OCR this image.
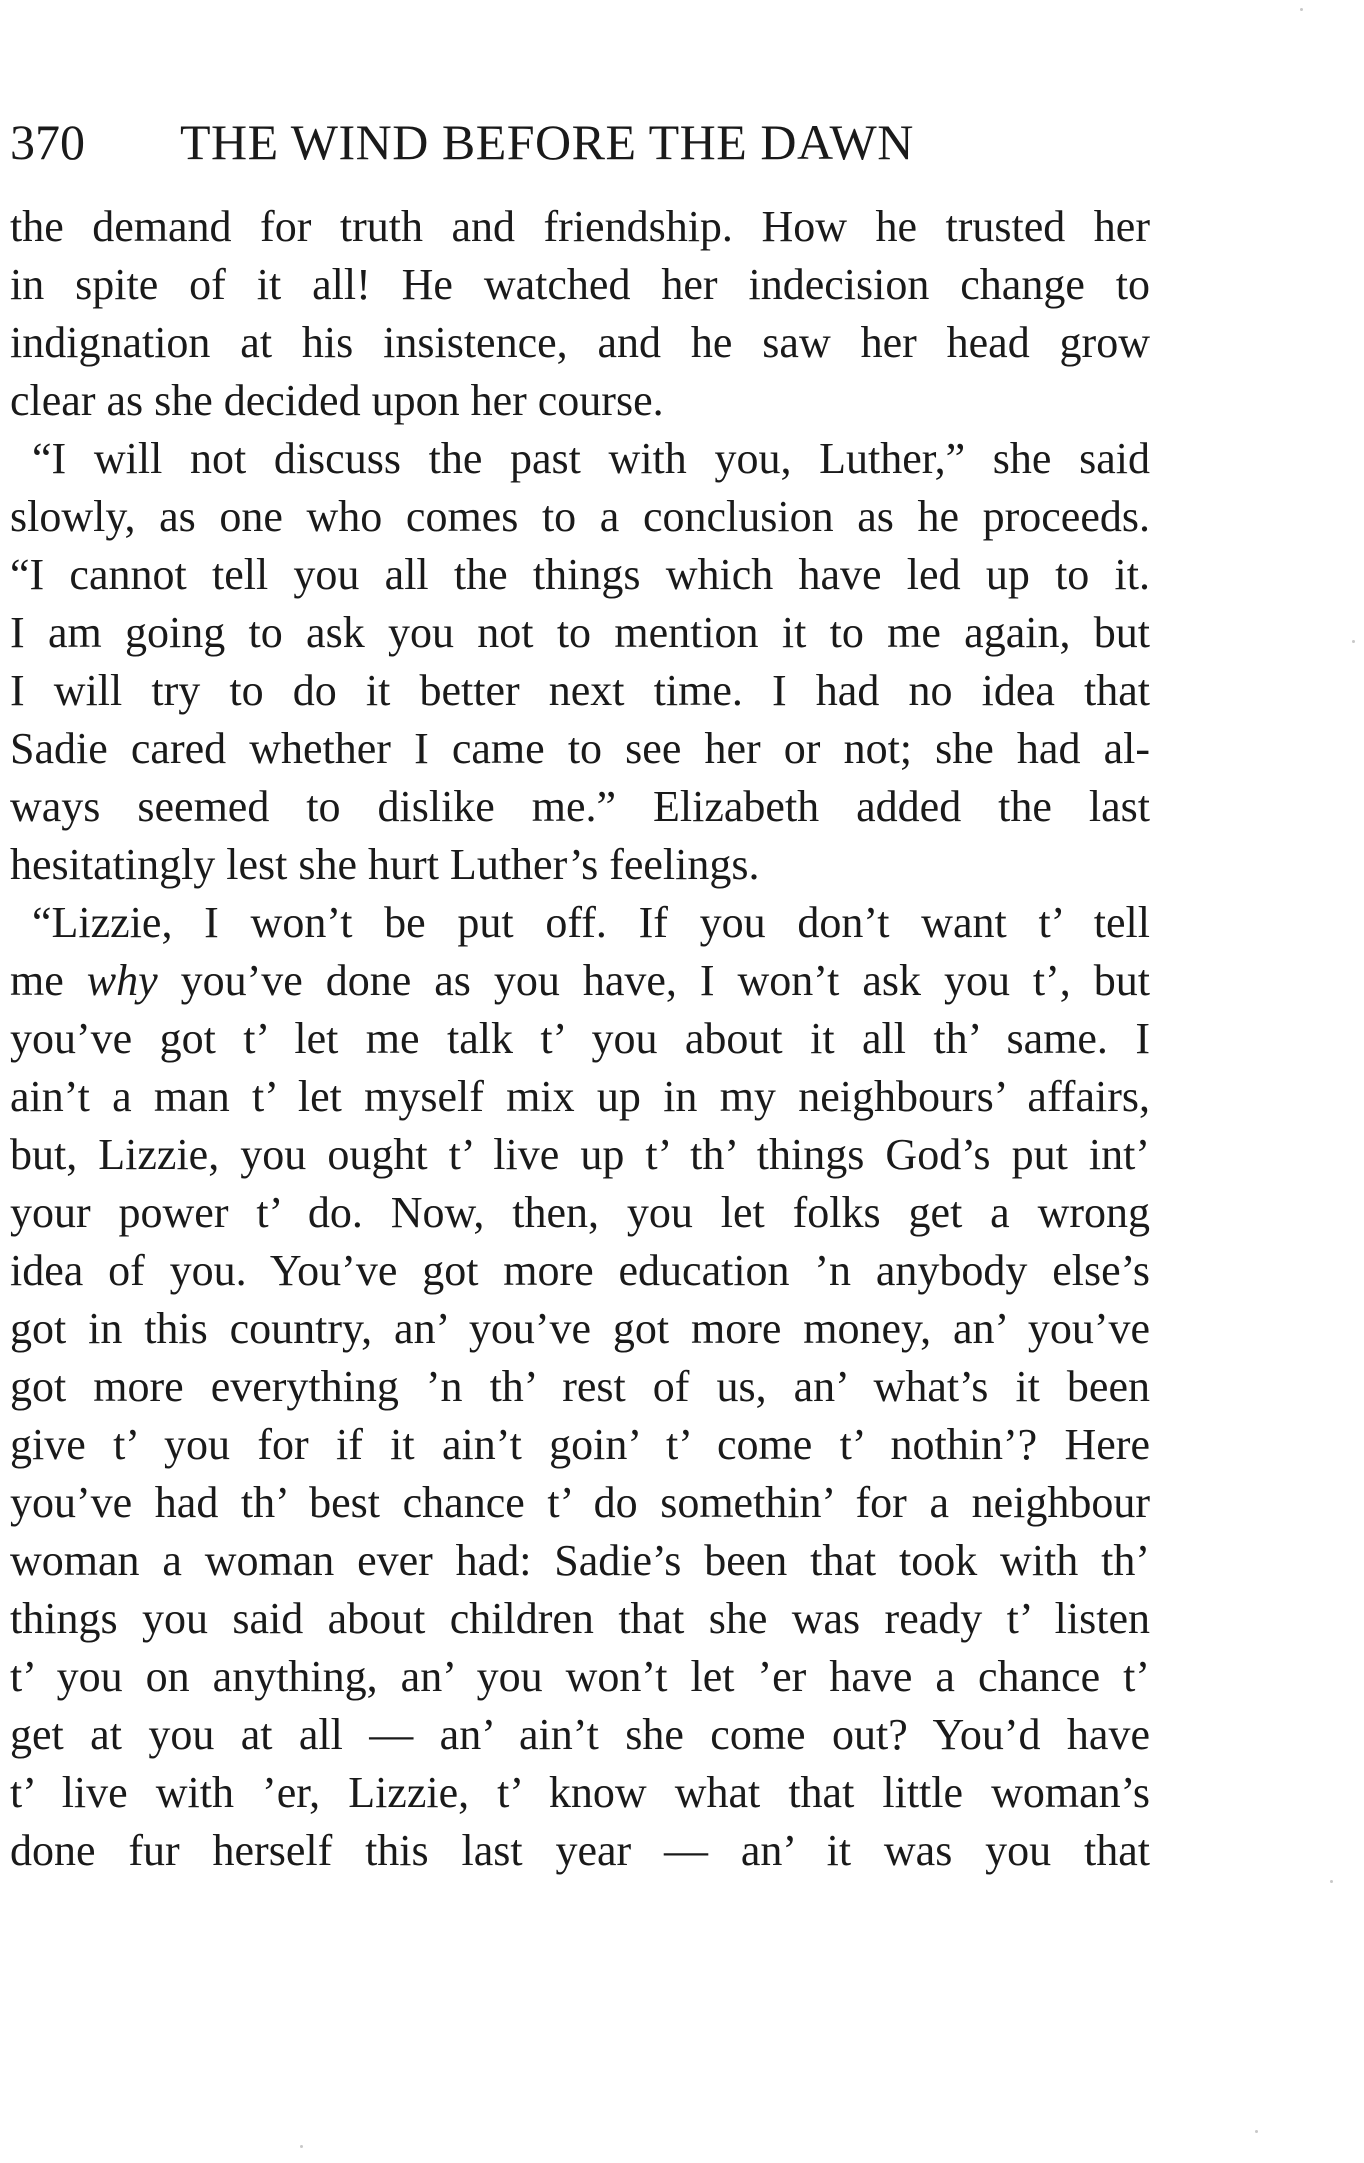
370 THE WIND BEFORE THE DAWN
the demand for truth and friendship. How he trusted her
in spite of it all! He watched her indecision change to
indignation at his insistence, and he saw her head grow
clear as she decided upon her course.
“I will not discuss the past with you, Luther,” she said
slowly, as one who comes to a conclusion as he proceeds.
“I cannot tell you all the things which have led up to it.
I am going to ask you not to mention it to me again, but
I will try to do it better next time. I had no idea that
Sadie cared whether I came to see her or not; she had al-
ways seemed to dislike me.” Elizabeth added the last
hesitatingly lest she hurt Luther’s feelings.
“Lizzie, I won’t be put off. If you don’t want t’ tell
me why you’ve done as you have, I won’t ask you t’, but
you’ve got t’ let me talk t’ you about it all th’ same. I
ain’t a man t’ let myself mix up in my neighbours’ affairs,
but, Lizzie, you ought t’ live up t’ th’ things God’s put int’
your power t’ do. Now, then, you let folks get a wrong
idea of you. You’ve got more education ’n anybody else’s
got in this country, an’ you’ve got more money, an’ you’ve
got more everything ’n th’ rest of us, an’ what’s it been
give t’ you for if it ain’t goin’ t’ come t’ nothin’? Here
you’ve had th’ best chance t’ do somethin’ for a neighbour
woman a woman ever had: Sadie’s been that took with th’
things you said about children that she was ready t’ listen
t’ you on anything, an’ you won’t let ’er have a chance t’
get at you at all — an’ ain’t she come out? You’d have
t’ live with ’er, Lizzie, t’ know what that little woman’s
done fur herself this last year — an’ it was you that
